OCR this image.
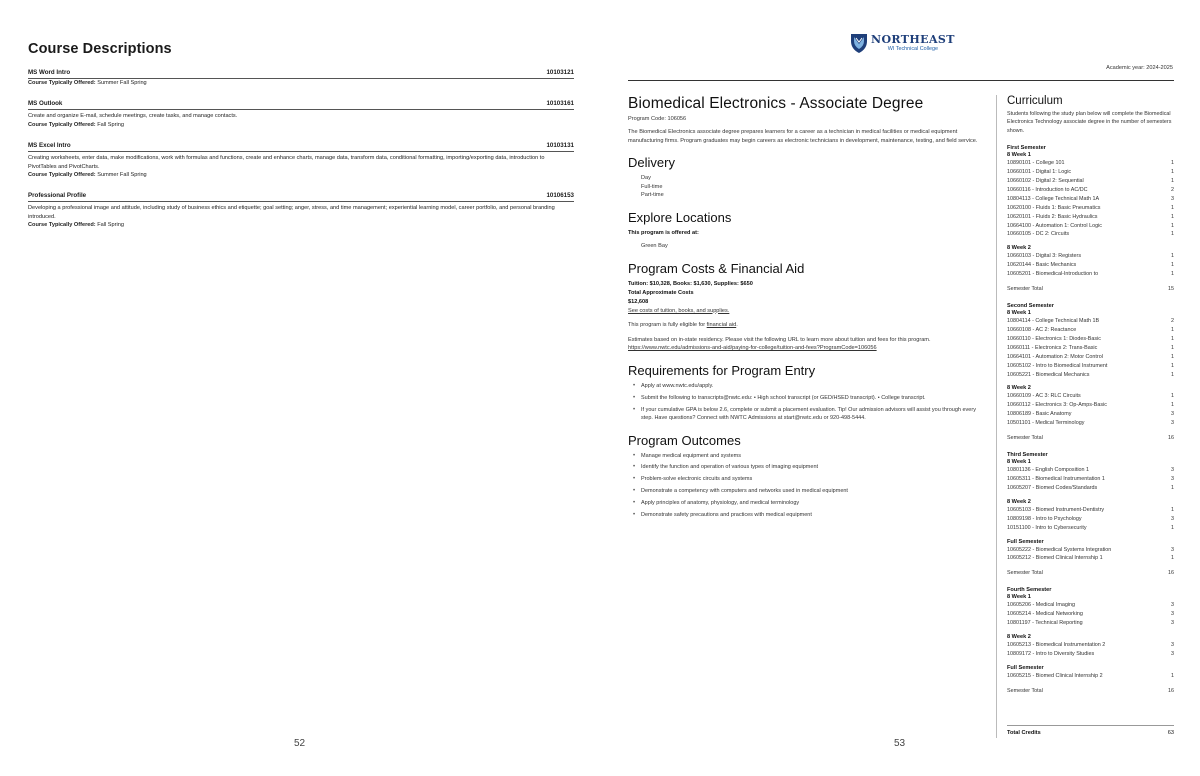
Course Descriptions
MS Word Intro	10103121
Course Typically Offered: Summer Fall Spring
MS Outlook	10103161
Create and organize E-mail, schedule meetings, create tasks, and manage contacts.
Course Typically Offered: Fall Spring
MS Excel Intro	10103131
Creating worksheets, enter data, make modifications, work with formulas and functions, create and enhance charts, manage data, transform data, conditional formatting, importing/exporting data, introduction to PivotTables and PivotCharts.
Course Typically Offered: Summer Fall Spring
Professional Profile	10106153
Developing a professional image and attitude, including study of business ethics and etiquette; goal setting; anger, stress, and time management; experiential learning model, career portfolio, and personal branding introduced.
Course Typically Offered: Fall Spring
52
NORTHEAST
WI Technical College
Academic year: 2024-2025
Biomedical Electronics - Associate Degree
Program Code: 106056
The Biomedical Electronics associate degree prepares learners for a career as a technician in medical facilities or medical equipment manufacturing firms. Program graduates may begin careers as electronic technicians in development, maintenance, testing, and field service.
Delivery
Day
Full-time
Part-time
Explore Locations
This program is offered at:
Green Bay
Program Costs & Financial Aid
Tuition: $10,328, Books: $1,630, Supplies: $650
Total Approximate Costs
$12,608
See costs of tuition, books, and supplies.
This program is fully eligible for financial aid.
Estimates based on in-state residency. Please visit the following URL to learn more about tuition and fees for this program.
https://www.nwtc.edu/admissions-and-aid/paying-for-college/tuition-and-fees?ProgramCode=106056
Requirements for Program Entry
• Apply at www.nwtc.edu/apply.
• Submit the following to transcripts@nwtc.edu: • High school transcript (or GED/HSED transcript). • College transcript.
• If your cumulative GPA is below 2.6, complete or submit a placement evaluation. Tip! Our admission advisors will assist you through every step. Have questions? Connect with NWTC Admissions at start@nwtc.edu or 920-498-5444.
Program Outcomes
• Manage medical equipment and systems
• Identify the function and operation of various types of imaging equipment
• Problem-solve electronic circuits and systems
• Demonstrate a competency with computers and networks used in medical equipment
• Apply principles of anatomy, physiology, and medical terminology
• Demonstrate safety precautions and practices with medical equipment
Curriculum
Students following the study plan below will complete the Biomedical Electronics Technology associate degree in the number of semesters shown.
First Semester
8 Week 1
10890101 - College 101	1
10660101 - Digital 1: Logic	1
10660102 - Digital 2: Sequential	1
10660116 - Introduction to AC/DC	2
10804113 - College Technical Math 1A	3
10620100 - Fluids 1: Basic Pneumatics	1
10620101 - Fluids 2: Basic Hydraulics	1
10664100 - Automation 1: Control Logic	1
10660105 - DC 2: Circuits	1
8 Week 2
10660103 - Digital 3: Registers	1
10620144 - Basic Mechanics	1
10605201 - Biomedical-Introduction to	1
Semester Total	15
Second Semester
8 Week 1
10804114 - College Technical Math 1B	2
10660108 - AC 2: Reactance	1
10660110 - Electronics 1: Diodes-Basic	1
10660111 - Electronics 2: Trans-Basic	1
10664101 - Automation 2: Motor Control	1
10605102 - Intro to Biomedical Instrument	1
10605221 - Biomedical Mechanics	1
8 Week 2
10660109 - AC 3: RLC Circuits	1
10660112 - Electronics 3: Op-Amps-Basic	1
10806189 - Basic Anatomy	3
10501101 - Medical Terminology	3
Semester Total	16
Third Semester
8 Week 1
10801136 - English Composition 1	3
10605311 - Biomedical Instrumentation 1	3
10605207 - Biomed Codes/Standards	1
8 Week 2
10605103 - Biomed Instrument-Dentistry	1
10809198 - Intro to Psychology	3
10151100 - Intro to Cybersecurity	1
Full Semester
10605222 - Biomedical Systems Integration	3
10605212 - Biomed Clinical Internship 1	1
Semester Total	16
Fourth Semester
8 Week 1
10605206 - Medical Imaging	3
10605214 - Medical Networking	3
10801197 - Technical Reporting	3
8 Week 2
10605213 - Biomedical Instrumentation 2	3
10809172 - Intro to Diversity Studies	3
Full Semester
10605215 - Biomed Clinical Internship 2	1
Semester Total	16
Total Credits	63
53
